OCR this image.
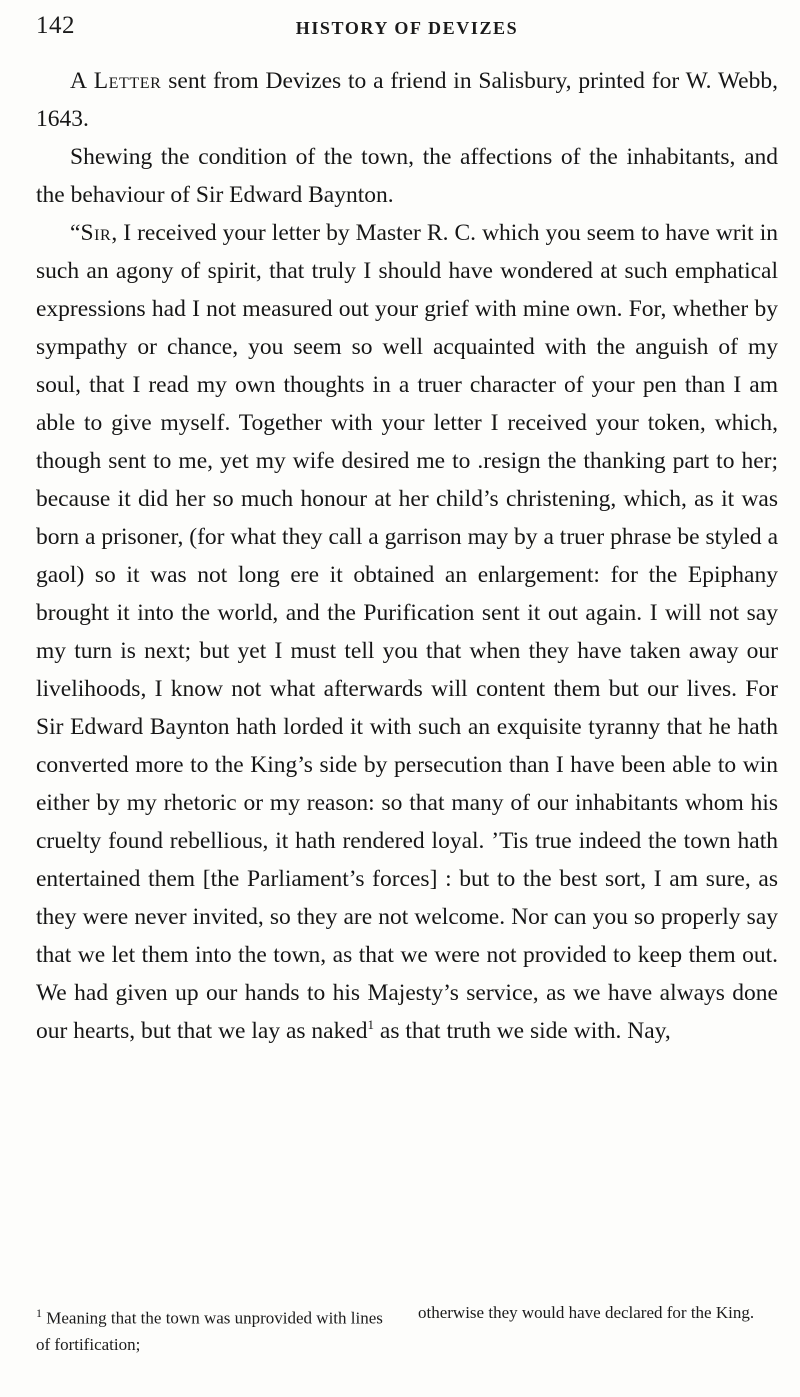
142	HISTORY OF DEVIZES

A Letter sent from Devizes to a friend in Salisbury, printed for W. Webb, 1643.

Shewing the condition of the town, the affections of the inhabitants, and the behaviour of Sir Edward Baynton.

“Sir, I received your letter by Master R. C. which you seem to have writ in such an agony of spirit, that truly I should have wondered at such emphatical expressions had I not measured out your grief with mine own. For, whether by sympathy or chance, you seem so well acquainted with the anguish of my soul, that I read my own thoughts in a truer character of your pen than I am able to give myself. Together with your letter I received your token, which, though sent to me, yet my wife desired me to .resign the thanking part to her; because it did her so much honour at her child’s christening, which, as it was born a prisoner, (for what they call a garrison may by a truer phrase be styled a gaol) so it was not long ere it obtained an enlargement: for the Epiphany brought it into the world, and the Purification sent it out again. I will not say my turn is next; but yet I must tell you that when they have taken away our livelihoods, I know not what afterwards will content them but our lives. For Sir Edward Baynton hath lorded it with such an exquisite tyranny that he hath converted more to the King’s side by persecution than I have been able to win either by my rhetoric or my reason: so that many of our inhabitants whom his cruelty found rebellious, it hath rendered loyal. ’Tis true indeed the town hath entertained them [the Parliament’s forces] : but to the best sort, I am sure, as they were never invited, so they are not welcome. Nor can you so properly say that we let them into the town, as that we were not provided to keep them out. We had given up our hands to his Majesty’s service, as we have always done our hearts, but that we lay as naked$^1$ as that truth we side with. Nay,

$^1$ Meaning that the town was unprovided with lines of fortification;
otherwise they would have declared for the King.
